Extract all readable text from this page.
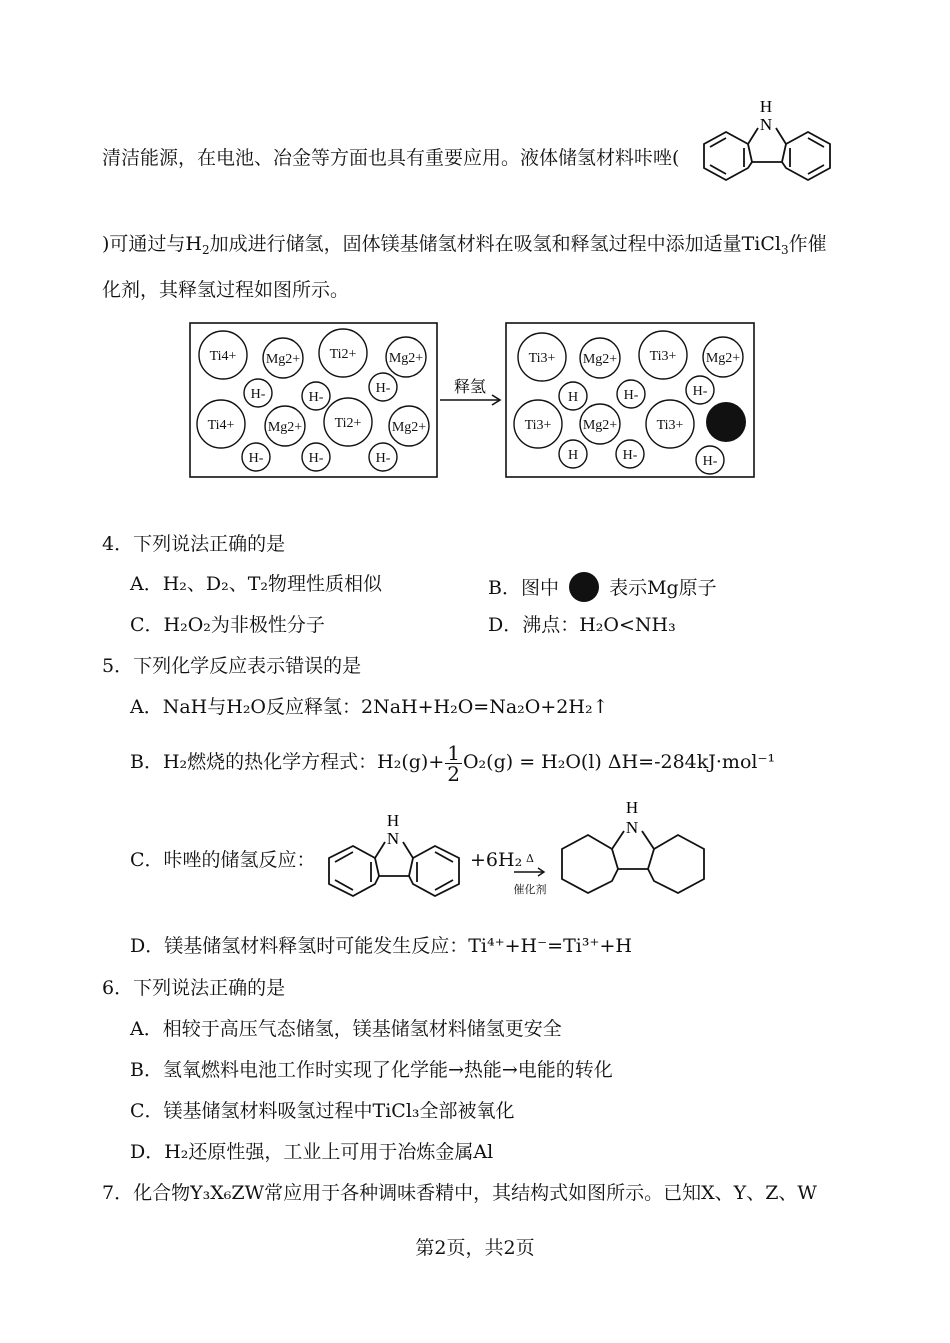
清洁能源，在电池、冶金等方面也具有重要应用。液体储氢材料咔唑(
H
N
)可通过与$H_2$加成进行储氢，固体镁基储氢材料在吸氢和释氢过程中添加适量TiCl$_3$作催
化剂，其释氢过程如图所示。
释氢
Ti4+ Mg2+ Ti2+ Mg2+
H-	H-
H-
Ti4+ Mg2+ Ti2+ Mg2+
H-	H-	H-
Ti3+ Mg2+ Ti3+ Mg2+
H	H-	H-
Ti3+ Mg2+	Ti3+
H	H-	H-
4．下列说法正确的是
A．H₂、D₂、T₂物理性质相似	B．图中	表示Mg原子
C．H₂O₂为非极性分子	D．沸点：H₂O<NH₃
5．下列化学反应表示错误的是
A．NaH与H₂O反应释氢：2NaH+H₂O=Na₂O+2H₂↑
B．H₂燃烧的热化学方程式：$H_2(g)+ \frac{1}{2} O_2(g) = H_2O(l)$ ΔH=-284kJ·mol⁻¹
C．咔唑的储氢反应：
H
N
+6H₂ Δ
催化剂
H
N
D．镁基储氢材料释氢时可能发生反应：Ti⁴⁺+H⁻=Ti³⁺+H
6．下列说法正确的是
A．相较于高压气态储氢，镁基储氢材料储氢更安全
B．氢氧燃料电池工作时实现了化学能→热能→电能的转化
C．镁基储氢材料吸氢过程中TiCl₃全部被氧化
D．H₂还原性强，工业上可用于冶炼金属Al
7．化合物Y₃X₆ZW常应用于各种调味香精中，其结构式如图所示。已知X、Y、Z、W
第2页，共2页
